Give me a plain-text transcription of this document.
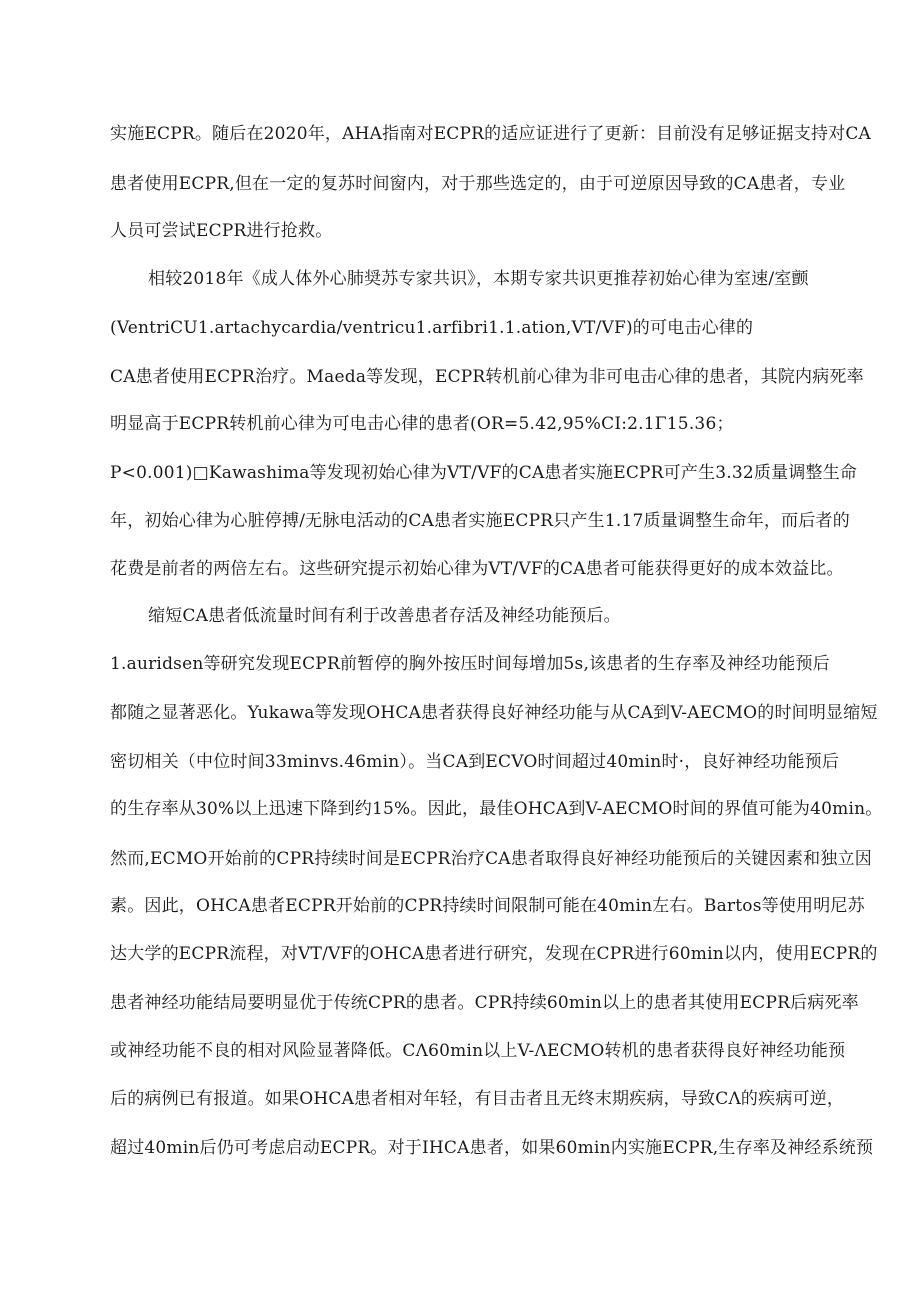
实施ECPR。随后在2020年，AHA指南对ECPR的适应证进行了更新：目前没有足够证据支持对CA
患者使用ECPR,但在一定的复苏时间窗内，对于那些选定的，由于可逆原因导致的CA患者，专业
人员可尝试ECPR进行抢救。
相较2018年《成人体外心肺奨苏专家共识》，本期专家共识更推荐初始心律为室速/室颤
(VentriCU1.artachycardia/ventricu1.arfibri1.1.ation,VT/VF)的可电击心律的
CA患者使用ECPR治疗。Maeda等发现，ECPR转机前心律为非可电击心律的患者，其院内病死率
明显高于ECPR转机前心律为可电击心律的患者(OR=5.42,95%CI:2.1Γ15.36；
P<0.001)□Kawashima等发现初始心律为VT/VF的CA患者实施ECPR可产生3.32质量调整生命
年，初始心律为心脏停搏/无脉电活动的CA患者实施ECPR只产生1.17质量调整生命年，而后者的
花费是前者的两倍左右。这些研究提示初始心律为VT/VF的CA患者可能获得更好的成本效益比。
缩短CA患者低流量时间有利于改善患者存活及神经功能预后。
1.auridsen等研究发现ECPR前暂停的胸外按压时间每增加5s,该患者的生存率及神经功能预后
都随之显著恶化。Yukawa等发现OHCA患者获得良好神经功能与从CA到V-AECMO的时间明显缩短
密切相关（中位时间33minvs.46min）。当CA到ECVO时间超过40min时·，良好神经功能预后
的生存率从30%以上迅速下降到约15%。因此，最佳OHCA到V-AECMO时间的界值可能为40min。
然而,ECMO开始前的CPR持续时间是ECPR治疗CA患者取得良好神经功能预后的关键因素和独立因
素。因此，OHCA患者ECPR开始前的CPR持续时间限制可能在40min左右。Bartos等使用明尼苏
达大学的ECPR流程，对VT/VF的OHCA患者进行研究，发现在CPR进行60min以内，使用ECPR的
患者神经功能结局要明显优于传统CPR的患者。CPR持续60min以上的患者其使用ECPR后病死率
或神经功能不良的相对风险显著降低。CΛ60min以上V-ΛECMO转机的患者获得良好神经功能预
后的病例已有报道。如果OHCA患者相对年轻，有目击者且无终末期疾病，导致CΛ的疾病可逆，
超过40min后仍可考虑启动ECPR。对于IHCA患者，如果60min内实施ECPR,生存率及神经系统预
